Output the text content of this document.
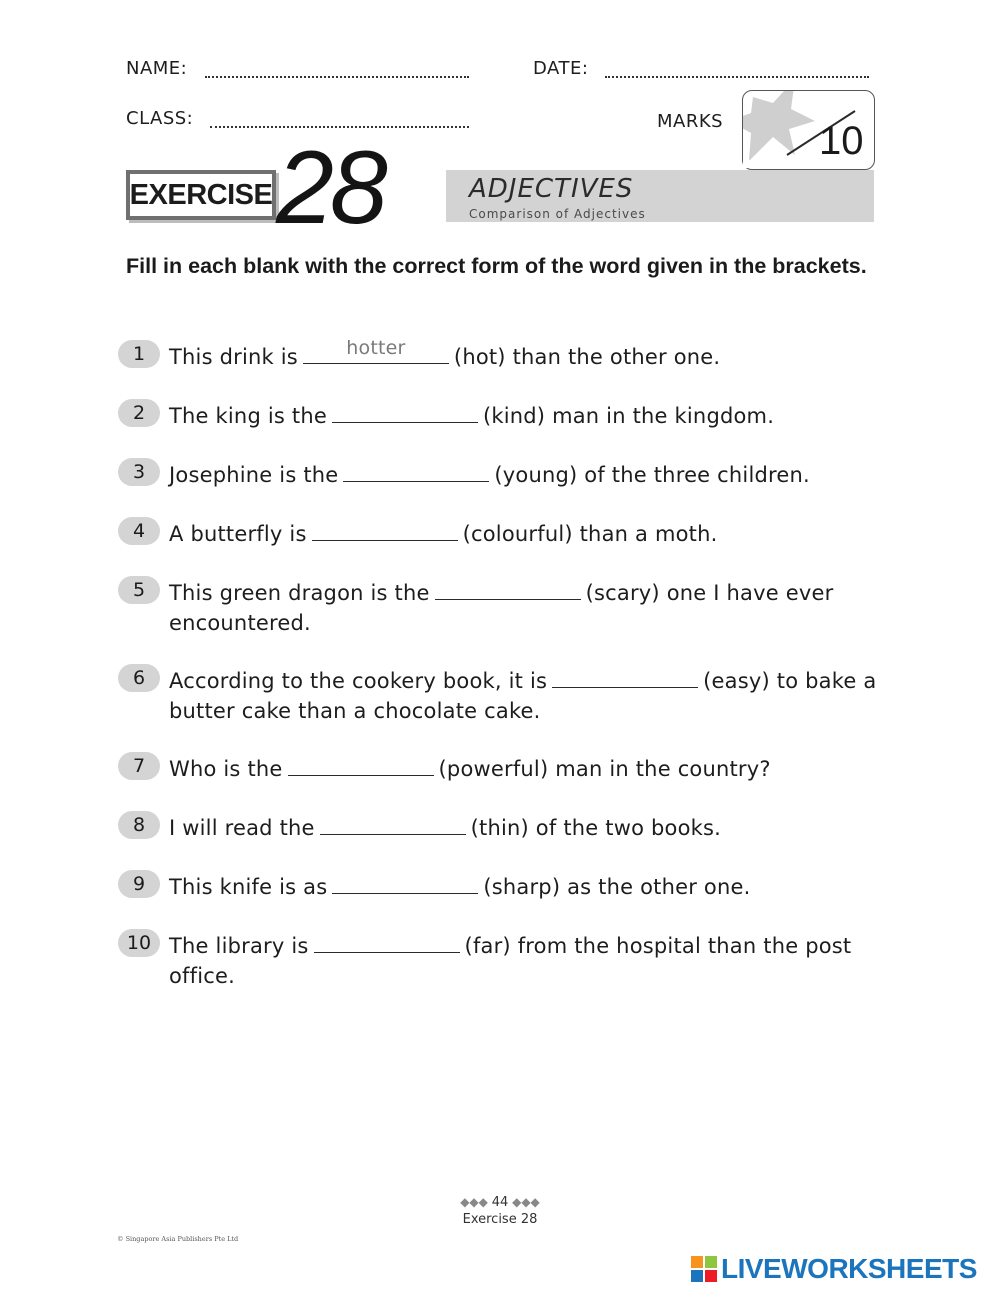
NAME:	DATE:
CLASS:	MARKS 10
EXERCISE 28	ADJECTIVES
Comparison of Adjectives
Fill in each blank with the correct form of the word given in the brackets.
1	This drink is	hotter	(hot) than the other one.
2	The king is the	(kind) man in the kingdom.
3	Josephine is the	(young) of the three children.
4	A butterfly is	(colourful) than a moth.
5	This green dragon is the	(scary) one I have ever encountered.
6	According to the cookery book, it is	(easy) to bake a butter cake than a chocolate cake.
7	Who is the	(powerful) man in the country?
8	I will read the	(thin) of the two books.
9	This knife is as	(sharp) as the other one.
10 The library is	(far) from the hospital than the post office.
◆◆◆ 44 ◆◆◆
Exercise 28
© Singapore Asia Publishers Pte Ltd
LIVEWORKSHEETS
